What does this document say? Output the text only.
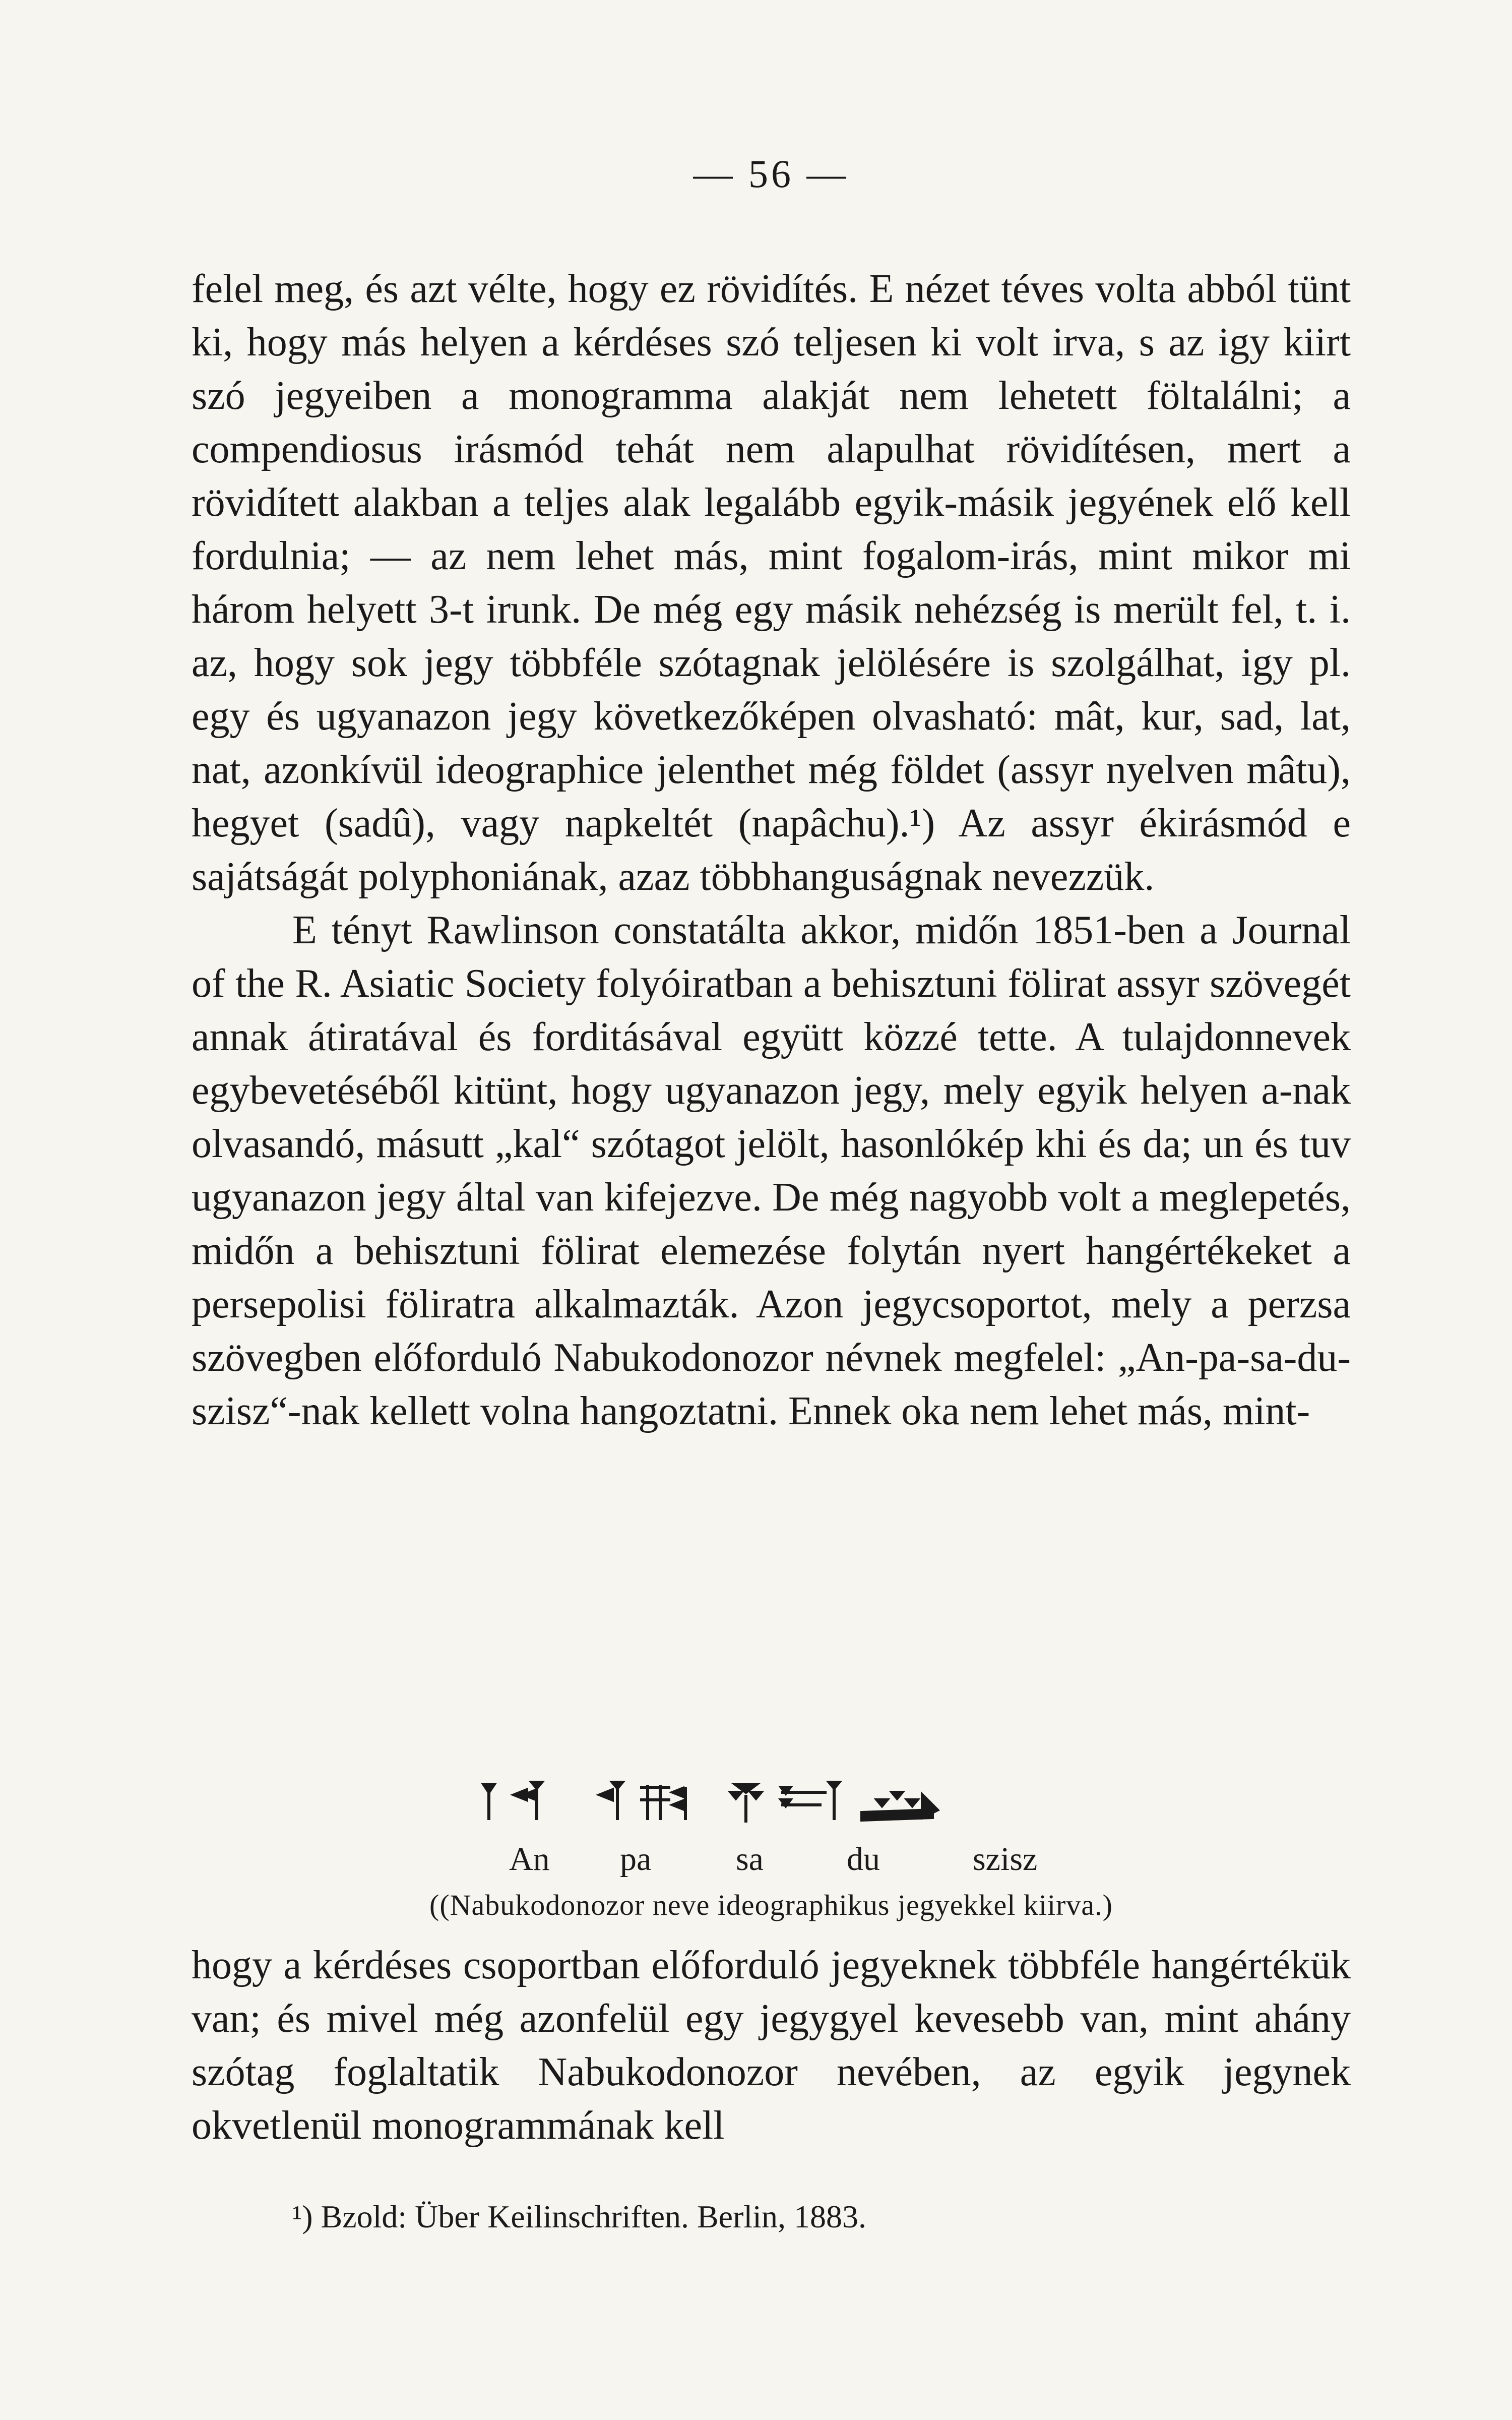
— 56 —

felel meg, és azt vélte, hogy ez rövidítés. E nézet téves volta abból tünt ki, hogy más helyen a kérdéses szó teljesen ki volt irva, s az igy kiirt szó jegyeiben a monogramma alakját nem lehetett föltalálni; a compendiosus irásmód tehát nem alapulhat rövidítésen, mert a rövidített alakban a teljes alak legalább egyik-másik jegyének elő kell fordulnia; — az nem lehet más, mint fogalom-irás, mint mikor mi három helyett 3-t irunk. De még egy másik nehézség is merült fel, t. i. az, hogy sok jegy többféle szótagnak jelölésére is szolgálhat, igy pl. egy és ugyanazon jegy következőképen olvasható: mât, kur, sad, lat, nat, azonkívül ideographice jelenthet még földet (assyr nyelven mâtu), hegyet (sadû), vagy napkeltét (napâchu).¹) Az assyr ékirásmód e sajátságát polyphoniának, azaz többhanguságnak nevezzük.

E tényt Rawlinson constatálta akkor, midőn 1851-ben a Journal of the R. Asiatic Society folyóiratban a behisztuni fölirat assyr szövegét annak átiratával és forditásával együtt közzé tette. A tulajdonnevek egybevetéséből kitünt, hogy ugyanazon jegy, mely egyik helyen a-nak olvasandó, másutt „kal“ szótagot jelölt, hasonlókép khi és da; un és tuv ugyanazon jegy által van kifejezve. De még nagyobb volt a meglepetés, midőn a behisztuni fölirat elemezése folytán nyert hangértékeket a persepolisi föliratra alkalmazták. Azon jegycsoportot, mely a perzsa szövegben előforduló Nabukodonozor névnek megfelel: „An-pa-sa-du-szisz“-nak kellett volna hangoztatni. Ennek oka nem lehet más, mint-

An pa	sa	du	szisz
((Nabukodonozor neve ideographikus jegyekkel kiirva.)

hogy a kérdéses csoportban előforduló jegyeknek többféle hangértékük van; és mivel még azonfelül egy jegygyel kevesebb van, mint ahány szótag foglaltatik Nabukodonozor nevében, az egyik jegynek okvetlenül monogrammának kell

¹) Bzold: Über Keilinschriften. Berlin, 1883.
